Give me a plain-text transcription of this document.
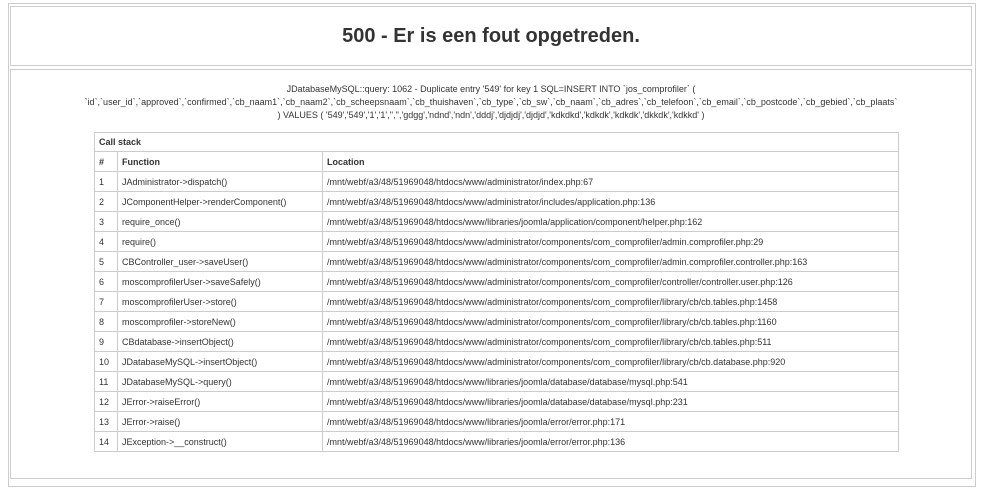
500 - Er is een fout opgetreden.
JDatabaseMySQL::query: 1062 - Duplicate entry '549' for key 1 SQL=INSERT INTO `jos_comprofiler` (
`id`,`user_id`,`approved`,`confirmed`,`cb_naam1`,`cb_naam2`,`cb_scheepsnaam`,`cb_thuishaven`,`cb_type`,`cb_sw`,`cb_naam`,`cb_adres`,`cb_telefoon`,`cb_email`,`cb_postcode`,`cb_gebied`,`cb_plaats`
) VALUES ( '549','549','1','1','','','gdgg','ndnd','ndn','dddj','djdjdj','djdjd','kdkdkd','kdkdk','kdkdk','dkkdk','kdkkd' )
Call stack		
#	Function	Location
1	JAdministrator->dispatch()	/mnt/webf/a3/48/51969048/htdocs/www/administrator/index.php:67
2	JComponentHelper->renderComponent()	/mnt/webf/a3/48/51969048/htdocs/www/administrator/includes/application.php:136
3	require_once()	/mnt/webf/a3/48/51969048/htdocs/www/libraries/joomla/application/component/helper.php:162
4	require()	/mnt/webf/a3/48/51969048/htdocs/www/administrator/components/com_comprofiler/admin.comprofiler.php:29
5	CBController_user->saveUser()	/mnt/webf/a3/48/51969048/htdocs/www/administrator/components/com_comprofiler/admin.comprofiler.controller.php:163
6	moscomprofilerUser->saveSafely()	/mnt/webf/a3/48/51969048/htdocs/www/administrator/components/com_comprofiler/controller/controller.user.php:126
7	moscomprofilerUser->store()	/mnt/webf/a3/48/51969048/htdocs/www/administrator/components/com_comprofiler/library/cb/cb.tables.php:1458
8	moscomprofiler->storeNew()	/mnt/webf/a3/48/51969048/htdocs/www/administrator/components/com_comprofiler/library/cb/cb.tables.php:1160
9	CBdatabase->insertObject()	/mnt/webf/a3/48/51969048/htdocs/www/administrator/components/com_comprofiler/library/cb/cb.tables.php:511
10	JDatabaseMySQL->insertObject()	/mnt/webf/a3/48/51969048/htdocs/www/administrator/components/com_comprofiler/library/cb/cb.database.php:920
11	JDatabaseMySQL->query()	/mnt/webf/a3/48/51969048/htdocs/www/libraries/joomla/database/database/mysql.php:541
12	JError->raiseError()	/mnt/webf/a3/48/51969048/htdocs/www/libraries/joomla/database/database/mysql.php:231
13	JError->raise()	/mnt/webf/a3/48/51969048/htdocs/www/libraries/joomla/error/error.php:171
14	JException->__construct()	/mnt/webf/a3/48/51969048/htdocs/www/libraries/joomla/error/error.php:136
